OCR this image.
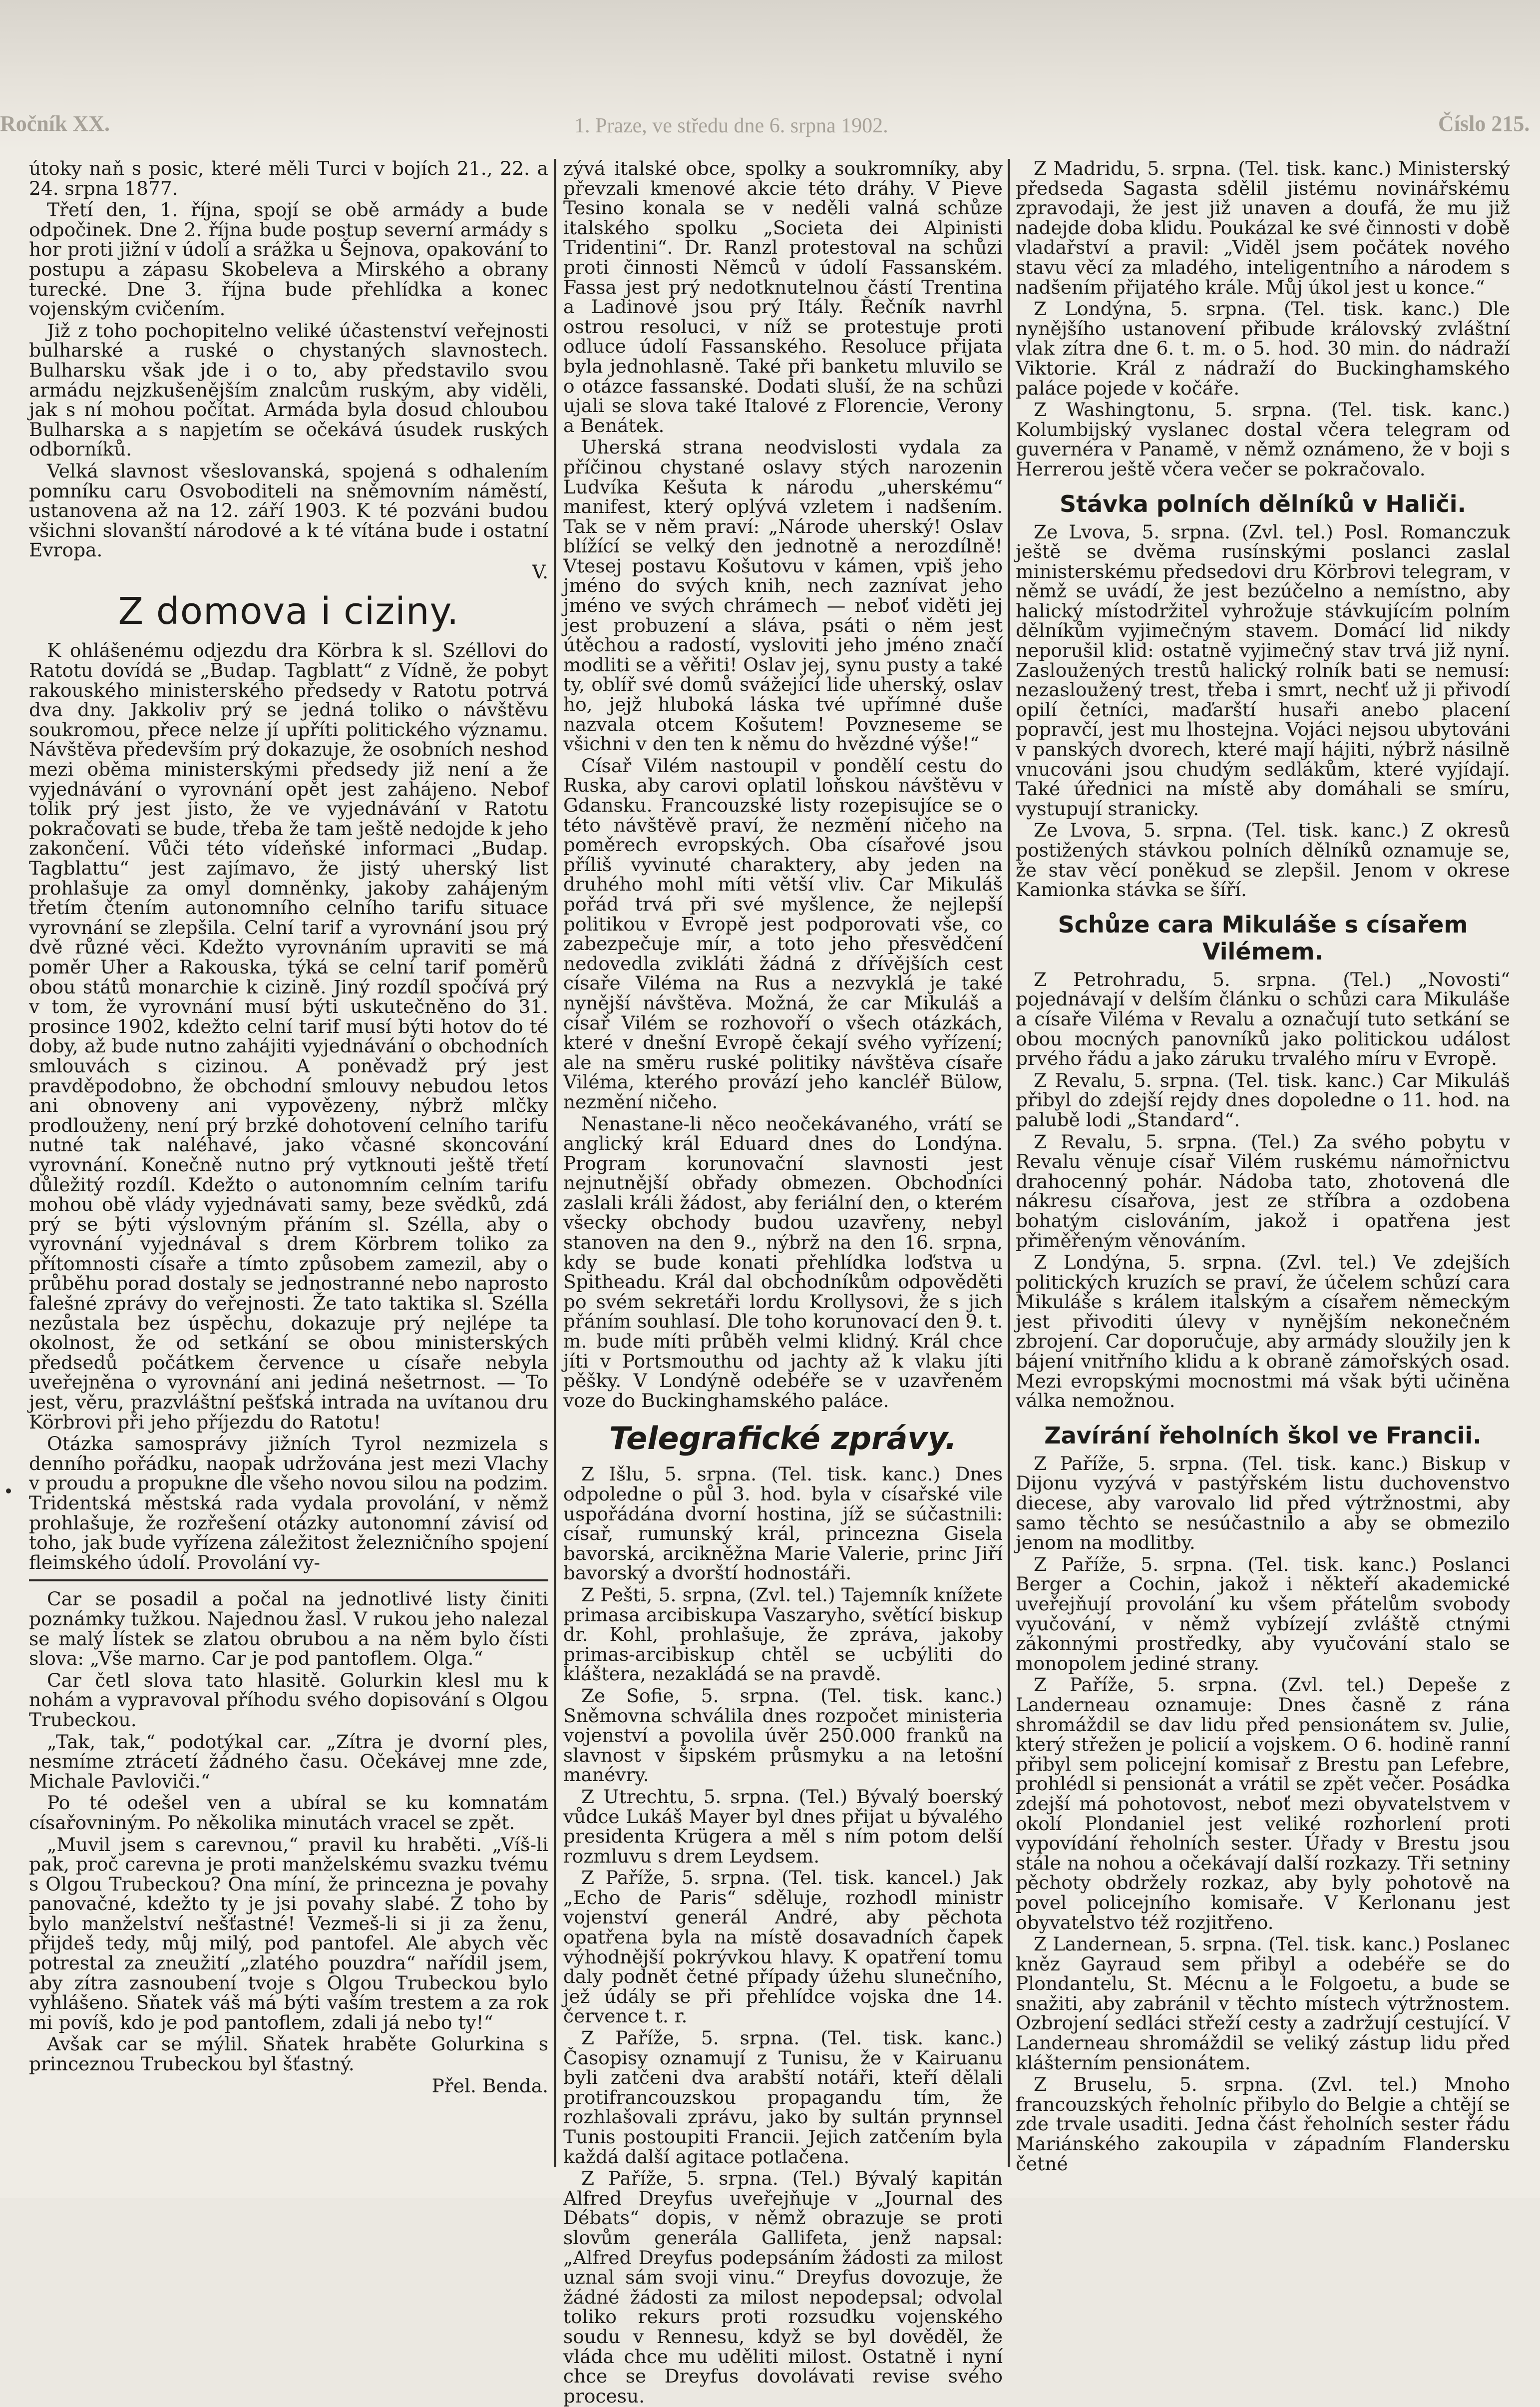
Ročník XX.	1. Praze, ve středu dne 6. srpna 1902.	Číslo 215.

útoky naň s posic, které měli Turci v bojích 21., 22. a 24. srpna 1877.

Třetí den, 1. října, spojí se obě armády a bude odpočinek. Dne 2. října bude postup severní armády s hor proti jižní v údolí a srážka u Šejnova, opakování to postupu a zápasu Skobeleva a Mirského a obrany turecké. Dne 3. října bude přehlídka a konec vojenským cvičením.

Již z toho pochopitelno veliké účastenství veřejnosti bulharské a ruské o chystaných slavnostech. Bulharsku však jde i o to, aby představilo svou armádu nejzkušenějším znalcům ruským, aby viděli, jak s ní mohou počítat. Armáda byla dosud chloubou Bulharska a s napjetím se očekává úsudek ruských odborníků.

Velká slavnost všeslovanská, spojená s odhalením pomníku caru Osvoboditeli na sněmovním náměstí, ustanovena až na 12. září 1903. K té pozváni budou všichni slovanští národové a k té vítána bude i ostatní Evropa.

V.

Z domova i ciziny.

K ohlášenému odjezdu dra Körbra k sl. Széllovi do Ratotu dovídá se „Budap. Tagblatt“ z Vídně, že pobyt rakouského ministerského předsedy v Ratotu potrvá dva dny. Jakkoliv prý se jedná toliko o návštěvu soukromou, přece nelze jí upříti politického významu. Návštěva především prý dokazuje, že osobních neshod mezi oběma ministerskými předsedy již není a že vyjednávání o vyrovnání opět jest zahájeno. Nebof tolik prý jest jisto, že ve vyjednávání v Ratotu pokračovati se bude, třeba že tam ještě nedojde k jeho zakončení. Vůči této vídeňské informaci „Budap. Tagblattu“ jest zajímavo, že jistý uherský list prohlašuje za omyl domněnky, jakoby zahájeným třetím čtením autonomního celního tarifu situace vyrovnání se zlepšila. Celní tarif a vyrovnání jsou prý dvě různé věci. Kdežto vyrovnáním upraviti se má poměr Uher a Rakouska, týká se celní tarif poměrů obou států monarchie k cizině. Jiný rozdíl spočívá prý v tom, že vyrovnání musí býti uskutečněno do 31. prosince 1902, kdežto celní tarif musí býti hotov do té doby, až bude nutno zahájiti vyjednávání o obchodních smlouvách s cizinou. A poněvadž prý jest pravděpodobno, že obchodní smlouvy nebudou letos ani obnoveny ani vypovězeny, nýbrž mlčky prodlouženy, není prý brzké dohotovení celního tarifu nutné tak naléhavé, jako včasné skoncování vyrovnání. Konečně nutno prý vytknouti ještě třetí důležitý rozdíl. Kdežto o autonomním celním tarifu mohou obě vlády vyjednávati samy, beze svědků, zdá prý se býti výslovným přáním sl. Szélla, aby o vyrovnání vyjednával s drem Körbrem toliko za přítomnosti císaře a tímto způsobem zamezil, aby o průběhu porad dostaly se jednostranné nebo naprosto falešné zprávy do veřejnosti. Že tato taktika sl. Szélla nezůstala bez úspěchu, dokazuje prý nejlépe ta okolnost, že od setkání se obou ministerských předsedů počátkem července u císaře nebyla uveřejněna o vyrovnání ani jediná nešetrnost. — To jest, věru, prazvláštní pešťská intrada na uvítanou dru Körbrovi při jeho příjezdu do Ratotu!

Otázka samosprávy jižních Tyrol nezmizela s denního pořádku, naopak udržována jest mezi Vlachy v proudu a propukne dle všeho novou silou na podzim. Tridentská městská rada vydala provolání, v němž prohlašuje, že rozřešení otázky autonomní závisí od toho, jak bude vyřízena záležitost železničního spojení fleimského údolí. Provolání vy-

Car se posadil a počal na jednotlivé listy činiti poznámky tužkou. Najednou žasl. V rukou jeho nalezal se malý lístek se zlatou obrubou a na něm bylo čísti slova: „Vše marno. Car je pod pantoflem. Olga.“

Car četl slova tato hlasitě. Golurkin klesl mu k nohám a vypravoval příhodu svého dopisování s Olgou Trubeckou.

„Tak, tak,“ podotýkal car. „Zítra je dvorní ples, nesmíme ztrácetí žádného času. Očekávej mne zde, Michale Pavloviči.“

Po té odešel ven a ubíral se ku komnatám císařovniným. Po několika minutách vracel se zpět.

„Muvil jsem s carevnou,“ pravil ku hraběti. „Víš-li pak, proč carevna je proti manželskému svazku tvému s Olgou Trubeckou? Ona míní, že princezna je povahy panovačné, kdežto ty je jsi povahy slabé. Z toho by bylo manželství nešťastné! Vezmeš-li si ji za ženu, přijdeš tedy, můj milý, pod pantofel. Ale abych věc potrestal za zneužití „zlatého pouzdra“ nařídil jsem, aby zítra zasnoubení tvoje s Olgou Trubeckou bylo vyhlášeno. Sňatek váš má býti vaším trestem a za rok mi povíš, kdo je pod pantoflem, zdali já nebo ty!“

Avšak car se mýlil. Sňatek hraběte Golurkina s princeznou Trubeckou byl šťastný.

Přel. Benda.

zývá italské obce, spolky a soukromníky, aby převzali kmenové akcie této dráhy. V Pieve Tesino konala se v neděli valná schůze italského spolku „Societa dei Alpinisti Tridentini“. Dr. Ranzl protestoval na schůzi proti činnosti Němců v údolí Fassanském. Fassa jest prý nedotknutelnou částí Trentina a Ladinové jsou prý Itály. Řečník navrhl ostrou resoluci, v níž se protestuje proti odluce údolí Fassanského. Resoluce přijata byla jednohlasně. Také při banketu mluvilo se o otázce fassanské. Dodati sluší, že na schůzi ujali se slova také Italové z Florencie, Verony a Benátek.

Uherská strana neodvislosti vydala za příčinou chystané oslavy stých narozenin Ludvíka Kešuta k národu „uherskému“ manifest, který oplývá vzletem i nadšením. Tak se v něm praví: „Národe uherský! Oslav blížící se velký den jednotně a nerozdílně! Vtesej postavu Košutovu v kámen, vpiš jeho jméno do svých knih, nech zaznívat jeho jméno ve svých chrámech — neboť viděti jej jest probuzení a sláva, psáti o něm jest útěchou a radostí, vysloviti jeho jméno značí modliti se a věřiti! Oslav jej, synu pusty a také ty, oblíř své domů svážející lide uherský, oslav ho, jejž hluboká láska tvé upřímné duše nazvala otcem Košutem! Povzneseme se všichni v den ten k němu do hvězdné výše!“

Císař Vilém nastoupil v pondělí cestu do Ruska, aby carovi oplatil loňskou návštěvu v Gdansku. Francouzské listy rozepisujíce se o této návštěvě praví, že nezmění ničeho na poměrech evropských. Oba císařové jsou příliš vyvinuté charaktery, aby jeden na druhého mohl míti větší vliv. Car Mikuláš pořád trvá při své myšlence, že nejlepší politikou v Evropě jest podporovati vše, co zabezpečuje mír, a toto jeho přesvědčení nedovedla zvikláti žádná z dřívějších cest císaře Viléma na Rus a nezvyklá je také nynější návštěva. Možná, že car Mikuláš a císař Vilém se rozhovoří o všech otázkách, které v dnešní Evropě čekají svého vyřízení; ale na směru ruské politiky návštěva císaře Viléma, kterého provází jeho kancléř Bülow, nezmění ničeho.

Nenastane-li něco neočekávaného, vrátí se anglický král Eduard dnes do Londýna. Program korunovační slavnosti jest nejnutnější obřady obmezen. Obchodníci zaslali králi žádost, aby feriální den, o kterém všecky obchody budou uzavřeny, nebyl stanoven na den 9., nýbrž na den 16. srpna, kdy se bude konati přehlídka loďstva u Spitheadu. Král dal obchodníkům odpověděti po svém sekretáři lordu Krollysovi, že s jich přáním souhlasí. Dle toho korunovací den 9. t. m. bude míti průběh velmi klidný. Král chce jíti v Portsmouthu od jachty až k vlaku jíti pěšky. V Londýně odebéře se v uzavřeném voze do Buckinghamského paláce.

Telegrafické zprávy.

Z Išlu, 5. srpna. (Tel. tisk. kanc.) Dnes odpoledne o půl 3. hod. byla v císařské vile uspořádána dvorní hostina, jíž se súčastnili: císař, rumunský král, princezna Gisela bavorská, arcikněžna Marie Valerie, princ Jiří bavorský a dvorští hodnostáři.

Z Pešti, 5. srpna, (Zvl. tel.) Tajemník knížete primasa arcibiskupa Vaszaryho, světící biskup dr. Kohl, prohlašuje, že zpráva, jakoby primas-arcibiskup chtěl se ucbýliti do kláštera, nezakládá se na pravdě.

Ze Sofie, 5. srpna. (Tel. tisk. kanc.) Sněmovna schválila dnes rozpočet ministeria vojenství a povolila úvěr 250.000 franků na slavnost v šipském průsmyku a na letošní manévry.

Z Utrechtu, 5. srpna. (Tel.) Bývalý boerský vůdce Lukáš Mayer byl dnes přijat u bývalého presidenta Krügera a měl s ním potom delší rozmluvu s drem Leydsem.

Z Paříže, 5. srpna. (Tel. tisk. kancel.) Jak „Echo de Paris“ sděluje, rozhodl ministr vojenství generál André, aby pěchota opatřena byla na místě dosavadních čapek výhodnější pokrývkou hlavy. K opatření tomu daly podnět četné případy úžehu slunečního, jež údály se při přehlídce vojska dne 14. července t. r.

Z Paříže, 5. srpna. (Tel. tisk. kanc.) Časopisy oznamují z Tunisu, že v Kairuanu byli zatčeni dva arabští notáři, kteří dělali protifrancouzskou propagandu tím, že rozhlašovali zprávu, jako by sultán prynnsel Tunis postoupiti Francii. Jejich zatčením byla každá další agitace potlačena.

Z Paříže, 5. srpna. (Tel.) Bývalý kapitán Alfred Dreyfus uveřejňuje v „Journal des Débats“ dopis, v němž obrazuje se proti slovům generála Gallifeta, jenž napsal: „Alfred Dreyfus podepsáním žádosti za milost uznal sám svoji vinu.“ Dreyfus dovozuje, že žádné žádosti za milost nepodepsal; odvolal toliko rekurs proti rozsudku vojenského soudu v Rennesu, když se byl dověděl, že vláda chce mu uděliti milost. Ostatně i nyní chce se Dreyfus dovolávati revise svého procesu.

Z Madridu, 5. srpna. (Tel. tisk. kanc.) Ministerský předseda Sagasta sdělil jistému novinářskému zpravodaji, že jest již unaven a doufá, že mu již nadejde doba klidu. Poukázal ke své činnosti v době vladařství a pravil: „Viděl jsem počátek nového stavu věcí za mladého, inteligentního a národem s nadšením přijatého krále. Můj úkol jest u konce.“

Z Londýna, 5. srpna. (Tel. tisk. kanc.) Dle nynějšího ustanovení přibude královský zvláštní vlak zítra dne 6. t. m. o 5. hod. 30 min. do nádraží Viktorie. Král z nádraží do Buckinghamského paláce pojede v kočáře.

Z Washingtonu, 5. srpna. (Tel. tisk. kanc.) Kolumbijský vyslanec dostal včera telegram od guvernéra v Panamě, v němž oznámeno, že v boji s Herrerou ještě včera večer se pokračovalo.

Stávka polních dělníků v Haliči.

Ze Lvova, 5. srpna. (Zvl. tel.) Posl. Romanczuk ještě se dvěma rusínskými poslanci zaslal ministerskému předsedovi dru Körbrovi telegram, v němž se uvádí, že jest bezúčelno a nemístno, aby halický místodržitel vyhrožuje stávkujícím polním dělníkům vyjimečným stavem. Domácí lid nikdy neporušil klid: ostatně vyjimečný stav trvá již nyní. Zasloužených trestů halický rolník bati se nemusí: nezasloužený trest, třeba i smrt, nechť už ji přivodí opilí četníci, maďarští husaři anebo placení popravčí, jest mu lhostejna. Vojáci nejsou ubytováni v panských dvorech, které mají hájiti, nýbrž násilně vnucováni jsou chudým sedlákům, které vyjídají. Také úřednici na místě aby domáhali se smíru, vystupují stranicky.

Ze Lvova, 5. srpna. (Tel. tisk. kanc.) Z okresů postižených stávkou polních dělníků oznamuje se, že stav věcí poněkud se zlepšil. Jenom v okrese Kamionka stávka se šíří.

Schůze cara Mikuláše s císařem Vilémem.

Z Petrohradu, 5. srpna. (Tel.) „Novosti“ pojednávají v delším článku o schůzi cara Mikuláše a císaře Viléma v Revalu a označují tuto setkání se obou mocných panovníků jako politickou událost prvého řádu a jako záruku trvalého míru v Evropě.

Z Revalu, 5. srpna. (Tel. tisk. kanc.) Car Mikuláš přibyl do zdejší rejdy dnes dopoledne o 11. hod. na palubě lodi „Standard“.

Z Revalu, 5. srpna. (Tel.) Za svého pobytu v Revalu věnuje císař Vilém ruskému námořnictvu drahocenný pohár. Nádoba tato, zhotovená dle nákresu císařova, jest ze stříbra a ozdobena bohatým cislováním, jakož i opatřena jest přiměřeným věnováním.

Z Londýna, 5. srpna. (Zvl. tel.) Ve zdejších politických kruzích se praví, že účelem schůzí cara Mikuláše s králem italským a císařem německým jest přivoditi úlevy v nynějším nekonečném zbrojení. Car doporučuje, aby armády sloužily jen k bájení vnitřního klidu a k obraně zámořských osad. Mezi evropskými mocnostmi má však býti učiněna válka nemožnou.

Zavírání řeholních škol ve Francii.

Z Paříže, 5. srpna. (Tel. tisk. kanc.) Biskup v Dijonu vyzývá v pastýřském listu duchovenstvo diecese, aby varovalo lid před výtržnostmi, aby samo těchto se nesúčastnilo a aby se obmezilo jenom na modlitby.

Z Paříže, 5. srpna. (Tel. tisk. kanc.) Poslanci Berger a Cochin, jakož i někteří akademické uveřejňují provolání ku všem přátelům svobody vyučování, v němž vybízejí zvláště ctnými zákonnými prostředky, aby vyučování stalo se monopolem jediné strany.

Z Paříže, 5. srpna. (Zvl. tel.) Depeše z Landerneau oznamuje: Dnes časně z rána shromáždil se dav lidu před pensionátem sv. Julie, který střežen je policií a vojskem. O 6. hodině ranní přibyl sem policejní komisař z Brestu pan Lefebre, prohlédl si pensionát a vrátil se zpět večer. Posádka zdejší má pohotovost, neboť mezi obyvatelstvem v okolí Plondaniel jest veliké rozhorlení proti vypovídání řeholních sester. Úřady v Brestu jsou stále na nohou a očekávají další rozkazy. Tři setniny pěchoty obdržely rozkaz, aby byly pohotově na povel policejního komisaře. V Kerlonanu jest obyvatelstvo též rozjitřeno.

Z Landernean, 5. srpna. (Tel. tisk. kanc.) Poslanec kněz Gayraud sem přibyl a odebéře se do Plondantelu, St. Mécnu a le Folgoetu, a bude se snažiti, aby zabránil v těchto místech výtržnostem. Ozbrojení sedláci střeží cesty a zadržují cestující. V Landerneau shromáždil se veliký zástup lidu před klášterním pensionátem.

Z Bruselu, 5. srpna. (Zvl. tel.) Mnoho francouzských řeholníc přibylo do Belgie a chtějí se zde trvale usaditi. Jedna část řeholních sester řádu Mariánského zakoupila v západním Flandersku četné
